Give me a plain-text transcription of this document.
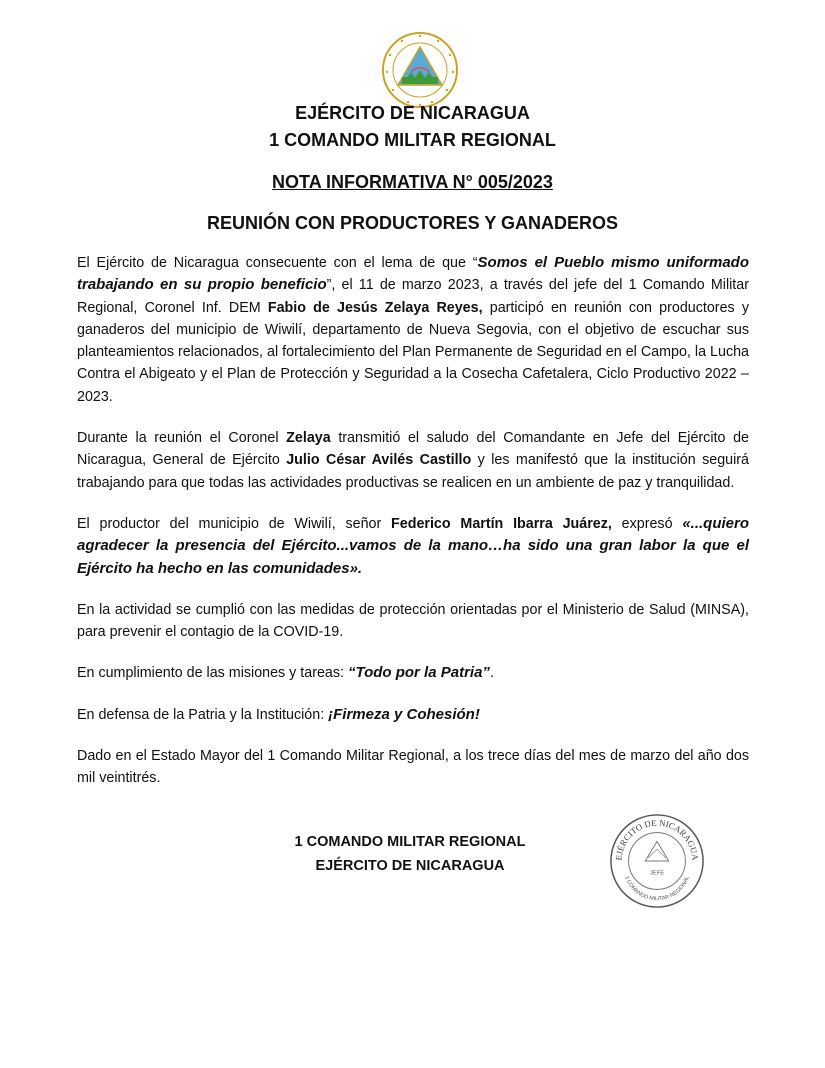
EJÉRCITO DE NICARAGUA
1 COMANDO MILITAR REGIONAL
NOTA INFORMATIVA N° 005/2023
REUNIÓN CON PRODUCTORES Y GANADEROS

El Ejército de Nicaragua consecuente con el lema de que “Somos el Pueblo mismo uniformado trabajando en su propio beneficio”, el 11 de marzo 2023, a través del jefe del 1 Comando Militar Regional, Coronel Inf. DEM Fabio de Jesús Zelaya Reyes, participó en reunión con productores y ganaderos del municipio de Wiwilí, departamento de Nueva Segovia, con el objetivo de escuchar sus planteamientos relacionados, al fortalecimiento del Plan Permanente de Seguridad en el Campo, la Lucha Contra el Abigeato y el Plan de Protección y Seguridad a la Cosecha Cafetalera, Ciclo Productivo 2022 – 2023.

Durante la reunión el Coronel Zelaya transmitió el saludo del Comandante en Jefe del Ejército de Nicaragua, General de Ejército Julio César Avilés Castillo y les manifestó que la institución seguirá trabajando para que todas las actividades productivas se realicen en un ambiente de paz y tranquilidad.

El productor del municipio de Wiwilí, señor Federico Martín Ibarra Juárez, expresó «...quiero agradecer la presencia del Ejército...vamos de la mano…ha sido una gran labor la que el Ejército ha hecho en las comunidades».

En la actividad se cumplió con las medidas de protección orientadas por el Ministerio de Salud (MINSA), para prevenir el contagio de la COVID-19.

En cumplimiento de las misiones y tareas: “Todo por la Patria”.

En defensa de la Patria y la Institución: ¡Firmeza y Cohesión!

Dado en el Estado Mayor del 1 Comando Militar Regional, a los trece días del mes de marzo del año dos mil veintitrés.

1 COMANDO MILITAR REGIONAL
EJÉRCITO DE NICARAGUA
EJÉRCITO DE NICARAGUA
1 COMANDO MILITAR REGIONAL
JEFE
